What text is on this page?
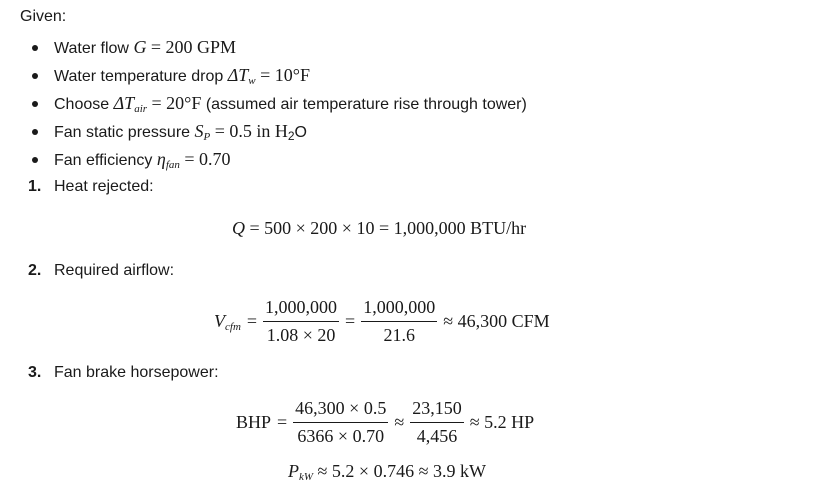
Given:
Water flow G = 200 GPM
Water temperature drop $\Delta T_w = 10^\circ F$
Choose $\Delta T_{air} = 20^\circ F$ (assumed air temperature rise through tower)
Fan static pressure $S_P = 0.5$ in $H_2O$
Fan efficiency $\eta_{fan} = 0.70$
1. Heat rejected:
Q = 500 × 200 × 10 = 1,000,000 BTU/hr
2. Required airflow:
$V_{cfm} = \frac{1,000,000}{1.08 \times 20} = \frac{1,000,000}{21.6} \approx 46,300$ CFM
3. Fan brake horsepower:
BHP = $\frac{46,300 \times 0.5}{6366 \times 0.70} \approx \frac{23,150}{4,456} \approx 5.2$ HP
$P_{kW} \approx 5.2 \times 0.746 \approx 3.9$ kW
